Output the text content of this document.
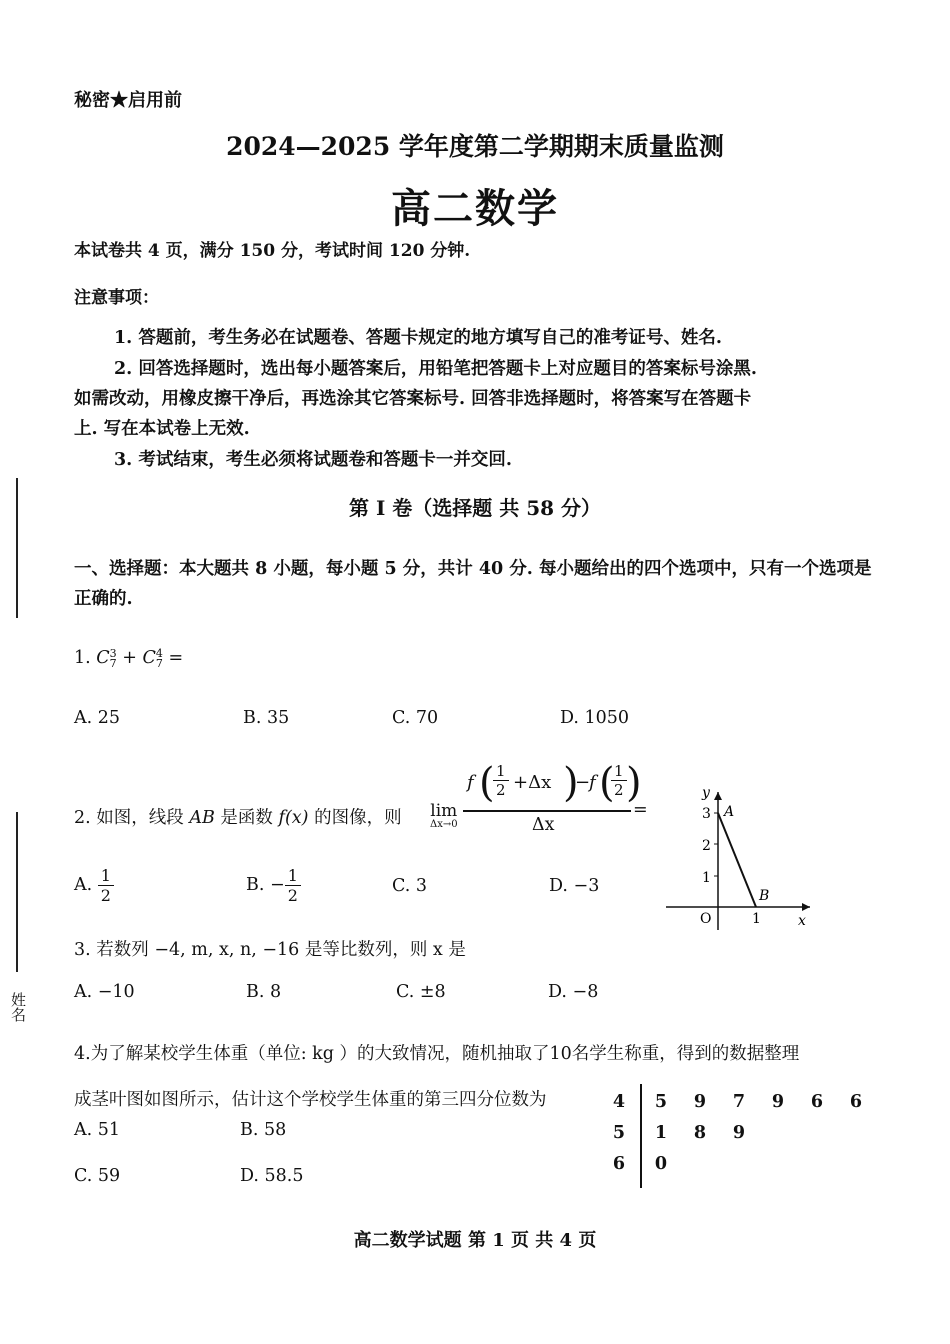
姓名
秘密★启用前
2024—2025 学年度第二学期期末质量监测
高二数学
本试卷共 4 页，满分 150 分，考试时间 120 分钟.
注意事项：
1. 答题前，考生务必在试题卷、答题卡规定的地方填写自己的准考证号、姓名.
2. 回答选择题时，选出每小题答案后，用铅笔把答题卡上对应题目的答案标号涂黑.
如需改动，用橡皮擦干净后，再选涂其它答案标号. 回答非选择题时，将答案写在答题卡
上. 写在本试卷上无效.
3. 考试结束，考生必须将试题卷和答题卡一并交回.
第 I 卷（选择题 共 58 分）
一、选择题：本大题共 8 小题，每小题 5 分，共计 40 分. 每小题给出的四个选项中，只有一个选项是正确的.
1. C 3
7 + C 4
7 =
A. 25	B. 35	C. 70	D. 1050
2. 如图，线段 AB 是函数 f(x) 的图像，则 lim
Δx→0
f (
$\frac{1}{2} +\Delta x$ )
−
f (
$\frac{1}{2}$ )
Δx
=
A. $\frac{1}{2}$	B. − $\frac{1}{2}$	C. 3	D. −3
y
x
O
3
2
1
1
A
B
3. 若数列 −4, m, x, n, −16 是等比数列，则 x 是
A. −10	B. 8	C. ±8	D. −8
4.为了解某校学生体重（单位: kg ）的大致情况，随机抽取了10名学生称重，得到的数据整理
成茎叶图如图所示，估计这个学校学生体重的第三四分位数为
A. 51	B. 58
C. 59	D. 58.5
4	5	9	7	9	6	6
5	1	8	9
6	0
高二数学试题 第 1 页 共 4 页
